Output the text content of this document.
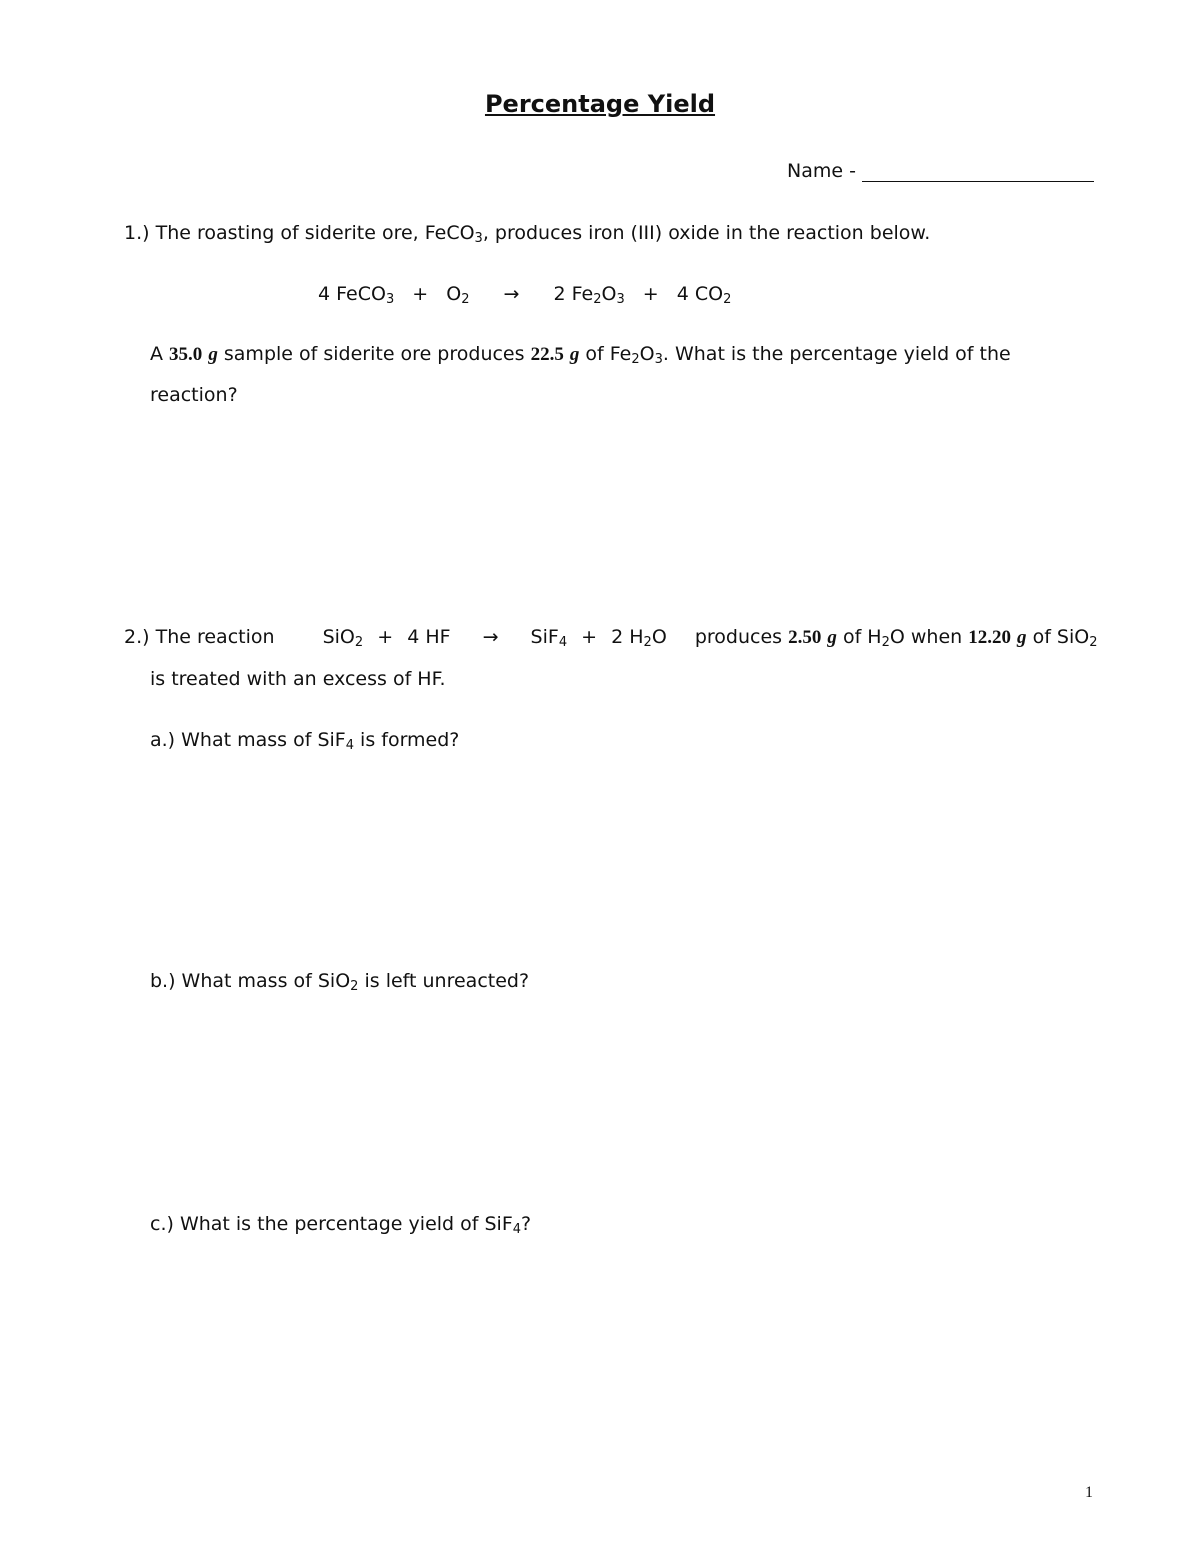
Percentage Yield
Name -
1.) The roasting of siderite ore, FeCO$_3$, produces iron (III) oxide in the reaction below.
4 FeCO$_3$ + $O_2 \to 2$ $Fe_2O_3 + 4$ $CO_2$
A 35.0 g sample of siderite ore produces 22.5 g of $Fe_2O_3$. What is the percentage yield of the
reaction?
2.) The reaction	SiO$_2$ + 4 HF → SiF$_4$ + 2 $H_2O$ produces 2.50 g of $H_2O$ when 12.20 g of SiO$_2$
is treated with an excess of HF.
a.) What mass of SiF$_4$ is formed?
b.) What mass of SiO$_2$ is left unreacted?
c.) What is the percentage yield of SiF$_4$?
1
